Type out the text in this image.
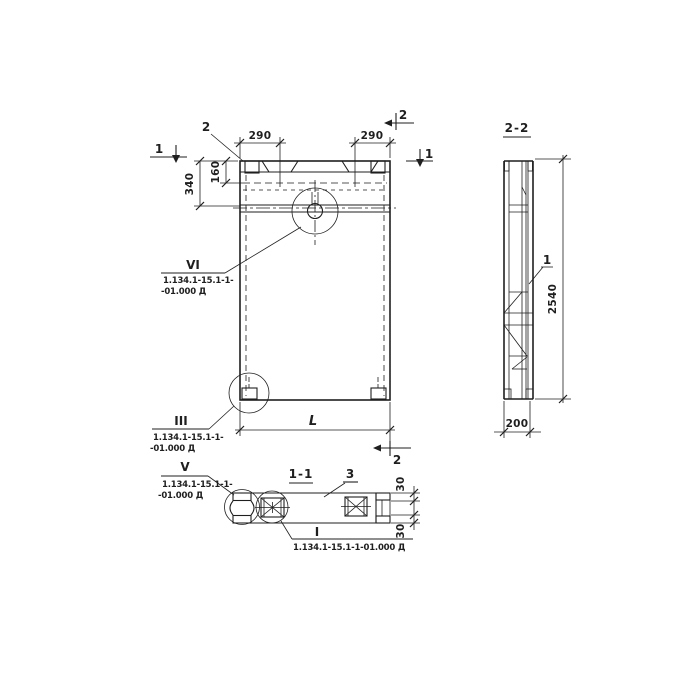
290	290
160
340
L
1	1
2
2
2	2-2
1
2540
200
1-1	3
30
30
VI
1.134.1-15.1-1-
-01.000 Д
III
1.134.1-15.1-1-
-01.000 Д
V
1.134.1-15.1-1-
-01.000 Д
I
1.134.1-15.1-1-01.000 Д
